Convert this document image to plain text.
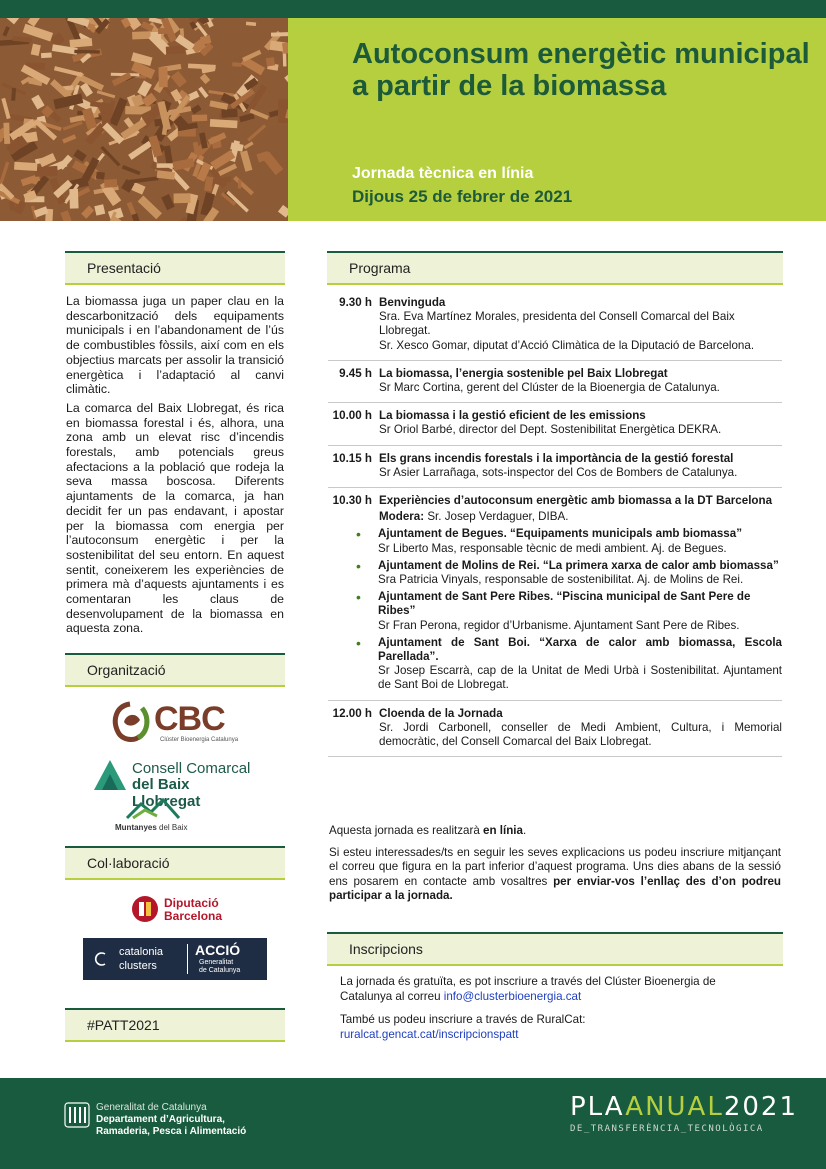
Autoconsum energètic municipal a partir de la biomassa
Jornada tècnica en línia
Dijous 25 de febrer de 2021
Presentació

La biomassa juga un paper clau en la descarbonització dels equipaments municipals i en l’abandonament de l’ús de combustibles fòssils, així com en els objectius marcats per assolir la transició energètica i l’adaptació al canvi climàtic.

La comarca del Baix Llobregat, és rica en biomassa forestal i és, alhora, una zona amb un elevat risc d’incendis forestals, amb potencials greus afectacions a la població que rodeja la seva massa boscosa. Diferents ajuntaments de la comarca, ja han decidit fer un pas endavant, i apostar per la biomassa com energia per l’autoconsum energètic i per la sostenibilitat del seu entorn. En aquest sentit, coneixerem les experiències de primera mà d’aquests ajuntaments i es comentaran les claus de desenvolupament de la biomassa en aquesta zona.

Organització
CBC
Clúster Bioenergia Catalunya
Consell Comarcal
del Baix Llobregat
Muntanyes del Baix
Col·laboració
Diputació
Barcelona
catalonia
clusters
ACCIÓ
Generalitat
de Catalunya
#PATT2021
Programa
9.30 h Benvinguda
Sra. Eva Martínez Morales, presidenta del Consell Comarcal del Baix Llobregat.
Sr. Xesco Gomar, diputat d’Acció Climàtica de la Diputació de Barcelona.
9.45 h La biomassa, l’energia sostenible pel Baix Llobregat
Sr Marc Cortina, gerent del Clúster de la Bioenergia de Catalunya.
10.00 h La biomassa i la gestió eficient de les emissions
Sr Oriol Barbé, director del Dept. Sostenibilitat Energètica DEKRA.
10.15 h Els grans incendis forestals i la importància de la gestió forestal
Sr Asier Larrañaga, sots-inspector del Cos de Bombers de Catalunya.
10.30 h Experiències d’autoconsum energètic amb biomassa a la DT Barcelona
Modera: Sr. Josep Verdaguer, DIBA.
•	Ajuntament de Begues. “Equipaments municipals amb biomassa”
Sr Liberto Mas, responsable tècnic de medi ambient. Aj. de Begues.
•	Ajuntament de Molins de Rei. “La primera xarxa de calor amb biomassa”
Sra Patricia Vinyals, responsable de sostenibilitat. Aj. de Molins de Rei.
•	Ajuntament de Sant Pere Ribes. “Piscina municipal de Sant Pere de Ribes”
Sr Fran Perona, regidor d’Urbanisme. Ajuntament Sant Pere de Ribes.
•	Ajuntament de Sant Boi. “Xarxa de calor amb biomassa, Escola Parellada”.
Sr Josep Escarrà, cap de la Unitat de Medi Urbà i Sostenibilitat. Ajuntament de Sant Boi de Llobregat.
12.00 h Cloenda de la Jornada
Sr. Jordi Carbonell, conseller de Medi Ambient, Cultura, i Memorial democràtic, del Consell Comarcal del Baix Llobregat.

Aquesta jornada es realitzarà en línia.

Si esteu interessades/ts en seguir les seves explicacions us podeu inscriure mitjançant el correu que figura en la part inferior d’aquest programa. Uns dies abans de la sessió ens posarem en contacte amb vosaltres per enviar-vos l’enllaç des d’on podreu participar a la jornada.

Inscripcions

La jornada és gratuïta, es pot inscriure a través del Clúster Bioenergia de Catalunya al correu info@clusterbioenergia.cat

També us podeu inscriure a través de RuralCat:
ruralcat.gencat.cat/inscripcionspatt

Generalitat de Catalunya
Departament d’Agricultura,
Ramaderia, Pesca i Alimentació
PLAANUAL2021
DE_TRANSFERÈNCIA_TECNOLÒGICA
